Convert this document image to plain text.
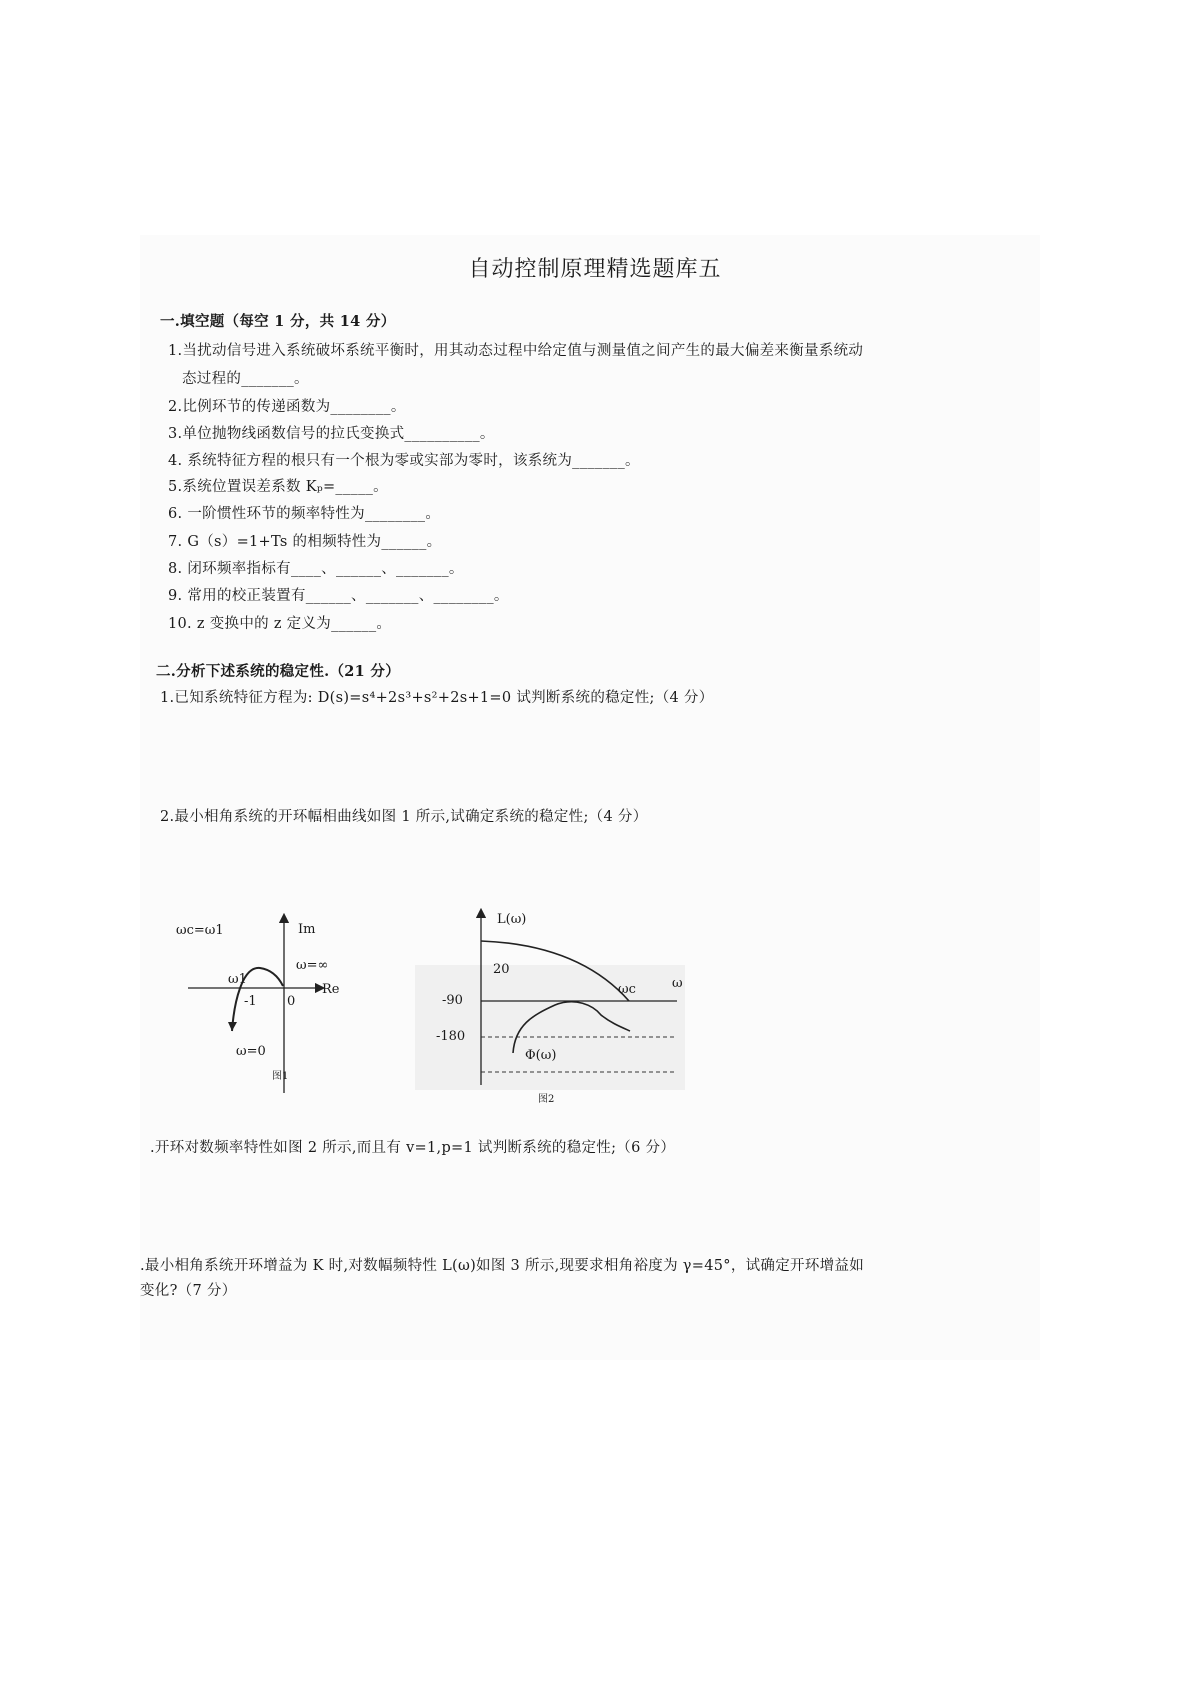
自动控制原理精选题库五
一.填空题（每空 1 分，共 14 分）
1.当扰动信号进入系统破坏系统平衡时，用其动态过程中给定值与测量值之间产生的最大偏差来衡量系统动
态过程的_______。
2.比例环节的传递函数为________。
3.单位抛物线函数信号的拉氏变换式__________。
4. 系统特征方程的根只有一个根为零或实部为零时，该系统为_______。
5.系统位置误差系数 Kₚ=_____。
6. 一阶惯性环节的频率特性为________。
7. G（s）=1+Ts 的相频特性为______。
8. 闭环频率指标有____、______、_______。
9. 常用的校正装置有______、_______、________。
10. z 变换中的 z 定义为______。
二.分析下述系统的稳定性.（21 分）
1.已知系统特征方程为: D(s)=s⁴+2s³+s²+2s+1=0 试判断系统的稳定性;（4 分）
2.最小相角系统的开环幅相曲线如图 1 所示,试确定系统的稳定性;（4 分）
ωc=ω1	Im
ω=∞
ω1
Re
-1 0
ω=0
图1
L(ω)
20
-90
-180
Φ(ω)
ωc	ω
图2
.开环对数频率特性如图 2 所示,而且有 v=1,p=1 试判断系统的稳定性;（6 分）
.最小相角系统开环增益为 K 时,对数幅频特性 L(ω)如图 3 所示,现要求相角裕度为 γ=45°，试确定开环增益如
变化?（7 分）
